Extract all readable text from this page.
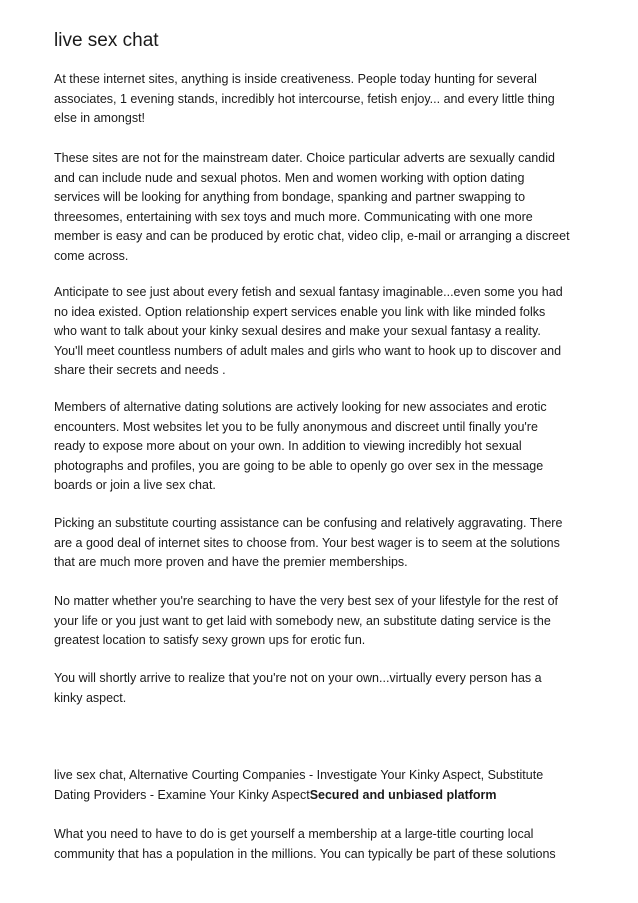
live sex chat

At these internet sites, anything is inside creativeness. People today hunting for several
associates, 1 evening stands, incredibly hot intercourse, fetish enjoy... and every little thing
else in amongst!

These sites are not for the mainstream dater. Choice particular adverts are sexually candid
and can include nude and sexual photos. Men and women working with option dating
services will be looking for anything from bondage, spanking and partner swapping to
threesomes, entertaining with sex toys and much more. Communicating with one more
member is easy and can be produced by erotic chat, video clip, e-mail or arranging a discreet
come across.

Anticipate to see just about every fetish and sexual fantasy imaginable...even some you had
no idea existed. Option relationship expert services enable you link with like minded folks
who want to talk about your kinky sexual desires and make your sexual fantasy a reality.
You'll meet countless numbers of adult males and girls who want to hook up to discover and
share their secrets and needs .

Members of alternative dating solutions are actively looking for new associates and erotic
encounters. Most websites let you to be fully anonymous and discreet until finally you're
ready to expose more about on your own. In addition to viewing incredibly hot sexual
photographs and profiles, you are going to be able to openly go over sex in the message
boards or join a live sex chat.

Picking an substitute courting assistance can be confusing and relatively aggravating. There
are a good deal of internet sites to choose from. Your best wager is to seem at the solutions
that are much more proven and have the premier memberships.

No matter whether you're searching to have the very best sex of your lifestyle for the rest of
your life or you just want to get laid with somebody new, an substitute dating service is the
greatest location to satisfy sexy grown ups for erotic fun.

You will shortly arrive to realize that you're not on your own...virtually every person has a
kinky aspect.

live sex chat, Alternative Courting Companies - Investigate Your Kinky Aspect, Substitute
Dating Providers - Examine Your Kinky AspectSecured and unbiased platform

What you need to have to do is get yourself a membership at a large-title courting local
community that has a population in the millions. You can typically be part of these solutions
